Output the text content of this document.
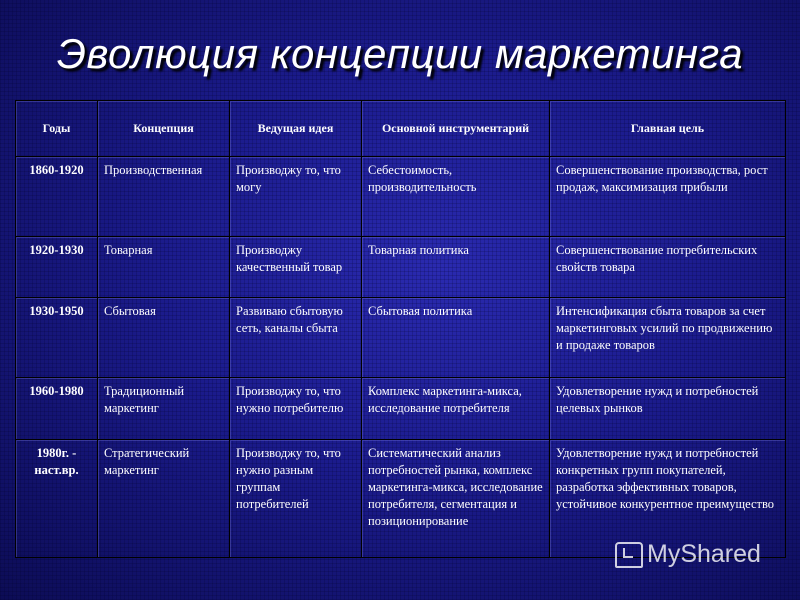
Эволюция концепции маркетинга
Годы	Концепция	Ведущая идея	Основной инструментарий	Главная цель
1860-1920	Производственная	Производжу то, что могу	Себестоимость, производительность	Совершенствование производства, рост продаж, максимизация прибыли
1920-1930	Товарная	Производжу качественный товар	Товарная политика	Совершенствование потребительских свойств товара
1930-1950	Сбытовая	Развиваю сбытовую сеть, каналы сбыта	Сбытовая политика	Интенсификация сбыта товаров за счет маркетинговых усилий по продвижению и продаже товаров
1960-1980	Традиционный маркетинг	Производжу то, что нужно потребителю	Комплекс маркетинга-микса, исследование потребителя	Удовлетворение нужд и потребностей целевых рынков
1980г. - наст.вр.	Стратегический маркетинг	Производжу то, что нужно разным группам потребителей	Систематический анализ потребностей рынка, комплекс маркетинга-микса, исследование потребителя, сегментация и позиционирование	Удовлетворение нужд и потребностей конкретных групп покупателей, разработка эффективных товаров, устойчивое конкурентное преимущество
MyShared
